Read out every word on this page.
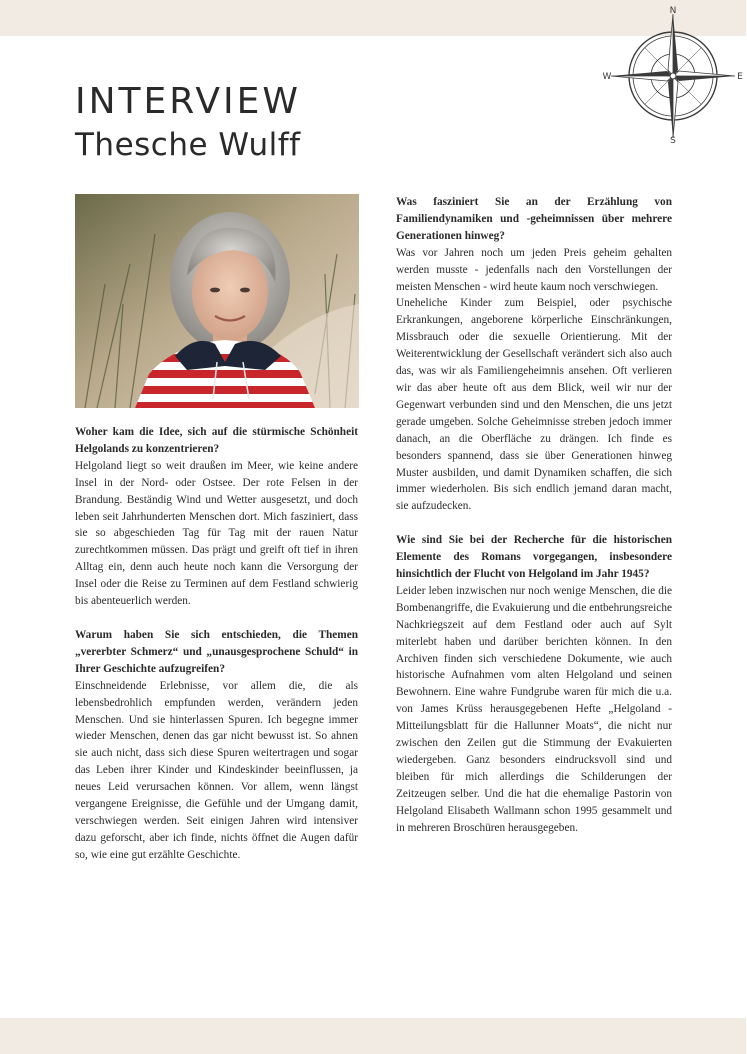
N
E
S
W
INTERVIEW
Thesche Wulff
Thorsten Wulff

Woher kam die Idee, sich auf die stürmische Schönheit Helgolands zu konzentrieren?

Helgoland liegt so weit draußen im Meer, wie keine andere Insel in der Nord- oder Ostsee. Der rote Felsen in der Brandung. Beständig Wind und Wetter ausgesetzt, und doch leben seit Jahrhunderten Menschen dort. Mich fasziniert, dass sie so abgeschieden Tag für Tag mit der rauen Natur zurechtkommen müssen. Das prägt und greift oft tief in ihren Alltag ein, denn auch heute noch kann die Versorgung der Insel oder die Reise zu Terminen auf dem Festland schwierig bis abenteuerlich werden.

Warum haben Sie sich entschieden, die Themen „vererbter Schmerz“ und „unausgesprochene Schuld“ in Ihrer Geschichte aufzugreifen?

Einschneidende Erlebnisse, vor allem die, die als lebensbedrohlich empfunden werden, verändern jeden Menschen. Und sie hinterlassen Spuren. Ich begegne immer wieder Menschen, denen das gar nicht bewusst ist. So ahnen sie auch nicht, dass sich diese Spuren weitertragen und sogar das Leben ihrer Kinder und Kindeskinder beeinflussen, ja neues Leid verursachen können. Vor allem, wenn längst vergangene Ereignisse, die Gefühle und der Umgang damit, verschwiegen werden. Seit einigen Jahren wird intensiver dazu geforscht, aber ich finde, nichts öffnet die Augen dafür so, wie eine gut erzählte Geschichte.

Was fasziniert Sie an der Erzählung von Familiendynamiken und -geheimnissen über mehrere Generationen hinweg?

Was vor Jahren noch um jeden Preis geheim gehalten werden musste - jedenfalls nach den Vorstellungen der meisten Menschen - wird heute kaum noch verschwiegen.

Uneheliche Kinder zum Beispiel, oder psychische Erkrankungen, angeborene körperliche Einschränkungen, Missbrauch oder die sexuelle Orientierung. Mit der Weiterentwicklung der Gesellschaft verändert sich also auch das, was wir als Familiengeheimnis ansehen. Oft verlieren wir das aber heute oft aus dem Blick, weil wir nur der Gegenwart verbunden sind und den Menschen, die uns jetzt gerade umgeben. Solche Geheimnisse streben jedoch immer danach, an die Oberfläche zu drängen. Ich finde es besonders spannend, dass sie über Generationen hinweg Muster ausbilden, und damit Dynamiken schaffen, die sich immer wiederholen. Bis sich endlich jemand daran macht, sie aufzudecken.

Wie sind Sie bei der Recherche für die historischen Elemente des Romans vorgegangen, insbesondere hinsichtlich der Flucht von Helgoland im Jahr 1945?

Leider leben inzwischen nur noch wenige Menschen, die die Bombenangriffe, die Evakuierung und die entbehrungsreiche Nachkriegszeit auf dem Festland oder auch auf Sylt miterlebt haben und darüber berichten können. In den Archiven finden sich verschiedene Dokumente, wie auch historische Aufnahmen vom alten Helgoland und seinen Bewohnern. Eine wahre Fundgrube waren für mich die u.a. von James Krüss herausgegebenen Hefte „Helgoland - Mitteilungsblatt für die Hallunner Moats“, die nicht nur zwischen den Zeilen gut die Stimmung der Evakuierten wiedergeben. Ganz besonders eindrucksvoll sind und bleiben für mich allerdings die Schilderungen der Zeitzeugen selber. Und die hat die ehemalige Pastorin von Helgoland Elisabeth Wallmann schon 1995 gesammelt und in mehreren Broschüren herausgegeben.
